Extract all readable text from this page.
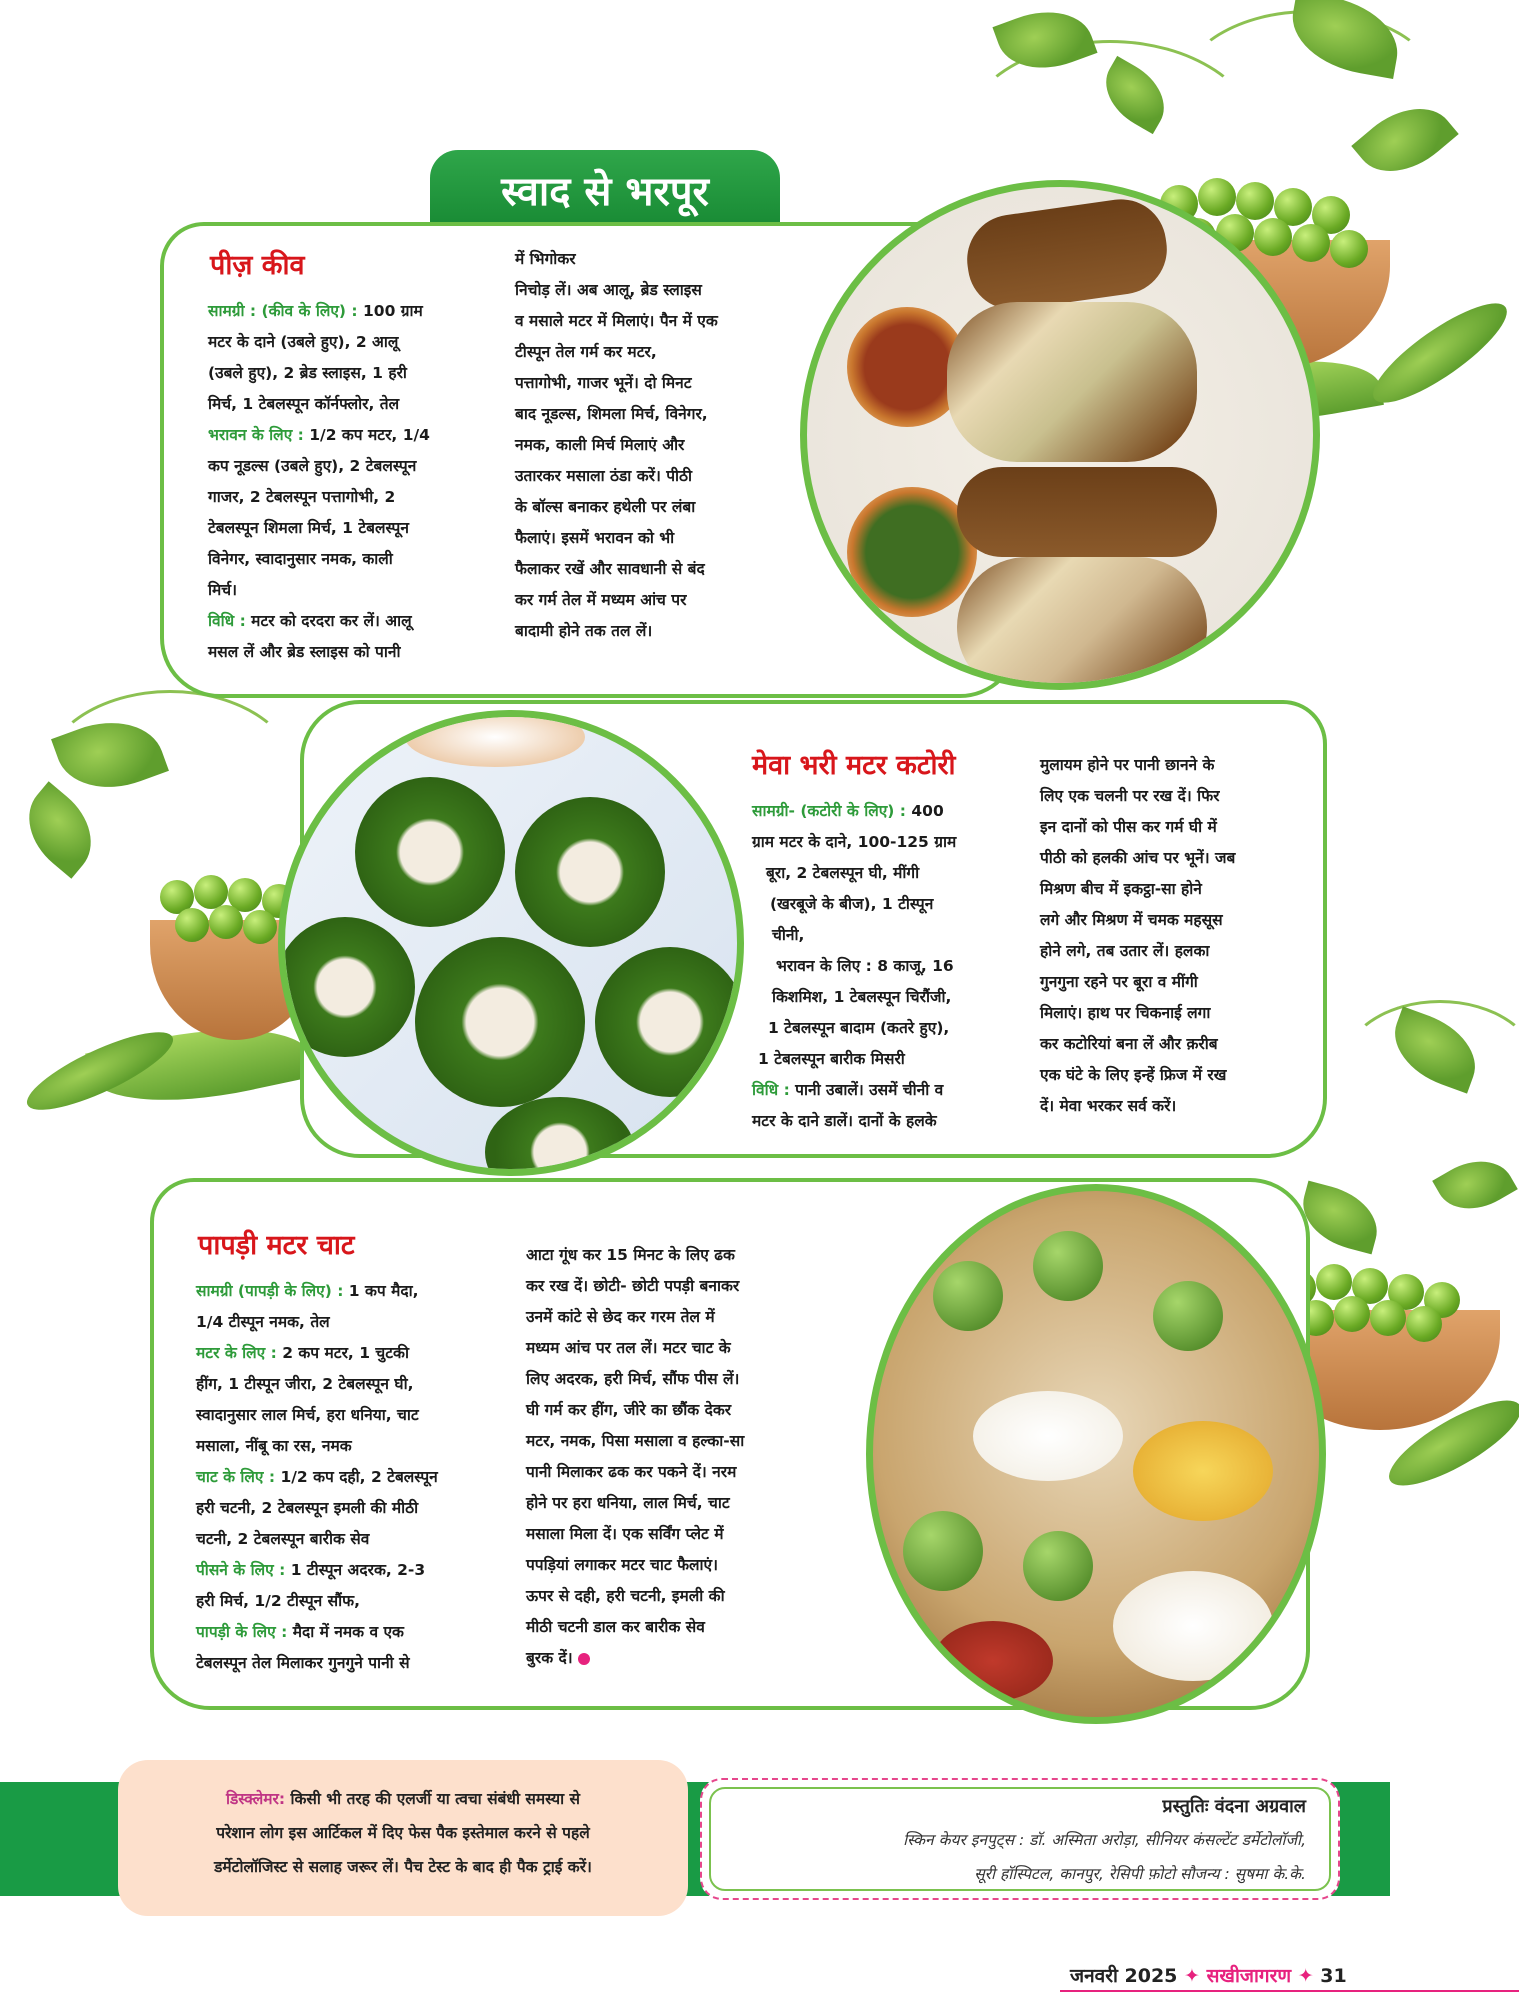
स्वाद से भरपूर
पीज़ कीव
सामग्री : (कीव के लिए) : 100 ग्राम
मटर के दाने (उबले हुए), 2 आलू
(उबले हुए), 2 ब्रेड स्लाइस, 1 हरी
मिर्च, 1 टेबलस्पून कॉर्नफ्लोर, तेल
भरावन के लिए : 1/2 कप मटर, 1/4
कप नूडल्स (उबले हुए), 2 टेबलस्पून
गाजर, 2 टेबलस्पून पत्तागोभी, 2
टेबलस्पून शिमला मिर्च, 1 टेबलस्पून
विनेगर, स्वादानुसार नमक, काली
मिर्च।
विधि : मटर को दरदरा कर लें। आलू
मसल लें और ब्रेड स्लाइस को पानी
में भिगोकर
निचोड़ लें। अब आलू, ब्रेड स्लाइस
व मसाले मटर में मिलाएं। पैन में एक
टीस्पून तेल गर्म कर मटर,
पत्तागोभी, गाजर भूनें। दो मिनट
बाद नूडल्स, शिमला मिर्च, विनेगर,
नमक, काली मिर्च मिलाएं और
उतारकर मसाला ठंडा करें। पीठी
के बॉल्स बनाकर हथेली पर लंबा
फैलाएं। इसमें भरावन को भी
फैलाकर रखें और सावधानी से बंद
कर गर्म तेल में मध्यम आंच पर
बादामी होने तक तल लें।
मेवा भरी मटर कटोरी
सामग्री- (कटोरी के लिए) : 400
ग्राम मटर के दाने, 100-125 ग्राम
बूरा, 2 टेबलस्पून घी, मींगी
(खरबूजे के बीज), 1 टीस्पून
चीनी,
भरावन के लिए : 8 काजू, 16
किशमिश, 1 टेबलस्पून चिरौंजी,
1 टेबलस्पून बादाम (कतरे हुए),
1 टेबलस्पून बारीक मिसरी
विधि : पानी उबालें। उसमें चीनी व
मटर के दाने डालें। दानों के हलके
मुलायम होने पर पानी छानने के
लिए एक चलनी पर रख दें। फिर
इन दानों को पीस कर गर्म घी में
पीठी को हलकी आंच पर भूनें। जब
मिश्रण बीच में इकट्ठा-सा होने
लगे और मिश्रण में चमक महसूस
होने लगे, तब उतार लें। हलका
गुनगुना रहने पर बूरा व मींगी
मिलाएं। हाथ पर चिकनाई लगा
कर कटोरियां बना लें और क़रीब
एक घंटे के लिए इन्हें फ्रिज में रख
दें। मेवा भरकर सर्व करें।
पापड़ी मटर चाट
सामग्री (पापड़ी के लिए) : 1 कप मैदा,
1/4 टीस्पून नमक, तेल
मटर के लिए : 2 कप मटर, 1 चुटकी
हींग, 1 टीस्पून जीरा, 2 टेबलस्पून घी,
स्वादानुसार लाल मिर्च, हरा धनिया, चाट
मसाला, नींबू का रस, नमक
चाट के लिए : 1/2 कप दही, 2 टेबलस्पून
हरी चटनी, 2 टेबलस्पून इमली की मीठी
चटनी, 2 टेबलस्पून बारीक सेव
पीसने के लिए : 1 टीस्पून अदरक, 2-3
हरी मिर्च, 1/2 टीस्पून सौंफ,
पापड़ी के लिए : मैदा में नमक व एक
टेबलस्पून तेल मिलाकर गुनगुने पानी से
आटा गूंध कर 15 मिनट के लिए ढक
कर रख दें। छोटी- छोटी पपड़ी बनाकर
उनमें कांटे से छेद कर गरम तेल में
मध्यम आंच पर तल लें। मटर चाट के
लिए अदरक, हरी मिर्च, सौंफ पीस लें।
घी गर्म कर हींग, जीरे का छौंक देकर
मटर, नमक, पिसा मसाला व हल्का-सा
पानी मिलाकर ढक कर पकने दें। नरम
होने पर हरा धनिया, लाल मिर्च, चाट
मसाला मिला दें। एक सर्विंग प्लेट में
पपड़ियां लगाकर मटर चाट फैलाएं।
ऊपर से दही, हरी चटनी, इमली की
मीठी चटनी डाल कर बारीक सेव
बुरक दें।
डिस्क्लेमर: किसी भी तरह की एलर्जी या त्वचा संबंधी समस्या से
परेशान लोग इस आर्टिकल में दिए फेस पैक इस्तेमाल करने से पहले
डर्मेटोलॉजिस्ट से सलाह जरूर लें। पैच टेस्ट के बाद ही पैक ट्राई करें।
प्रस्तुतिः वंदना अग्रवाल
स्किन केयर इनपुट्स : डॉ. अस्मिता अरोड़ा, सीनियर कंसल्टेंट डर्मेटोलॉजी,
सूरी हॉस्पिटल, कानपुर, रेसिपी फ़ोटो सौजन्य : सुषमा के.के.
जनवरी 2025 ✦ सखीजागरण ✦ 31
